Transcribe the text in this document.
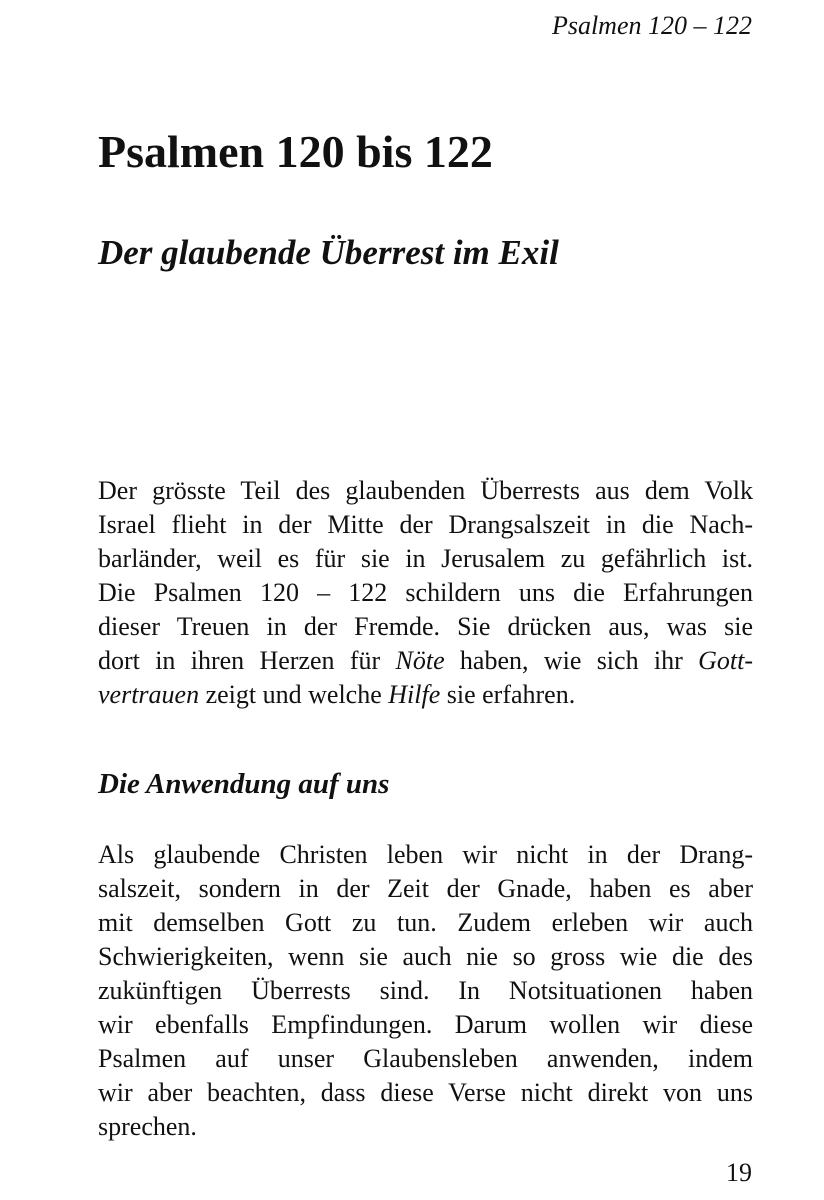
Psalmen 120 – 122
Psalmen 120 bis 122
Der glaubende Überrest im Exil

Der grösste Teil des glaubenden Überrests aus dem Volk
Israel flieht in der Mitte der Drangsalszeit in die Nach-
barländer, weil es für sie in Jerusalem zu gefährlich ist.
Die Psalmen 120 – 122 schildern uns die Erfahrungen
dieser Treuen in der Fremde. Sie drücken aus, was sie
dort in ihren Herzen für Nöte haben, wie sich ihr Gott-
vertrauen zeigt und welche Hilfe sie erfahren.

Die Anwendung auf uns

Als glaubende Christen leben wir nicht in der Drang-
salszeit, sondern in der Zeit der Gnade, haben es aber
mit demselben Gott zu tun. Zudem erleben wir auch
Schwierigkeiten, wenn sie auch nie so gross wie die des
zukünftigen Überrests sind. In Notsituationen haben
wir ebenfalls Empfindungen. Darum wollen wir diese
Psalmen auf unser Glaubensleben anwenden, indem
wir aber beachten, dass diese Verse nicht direkt von uns
sprechen.

19
